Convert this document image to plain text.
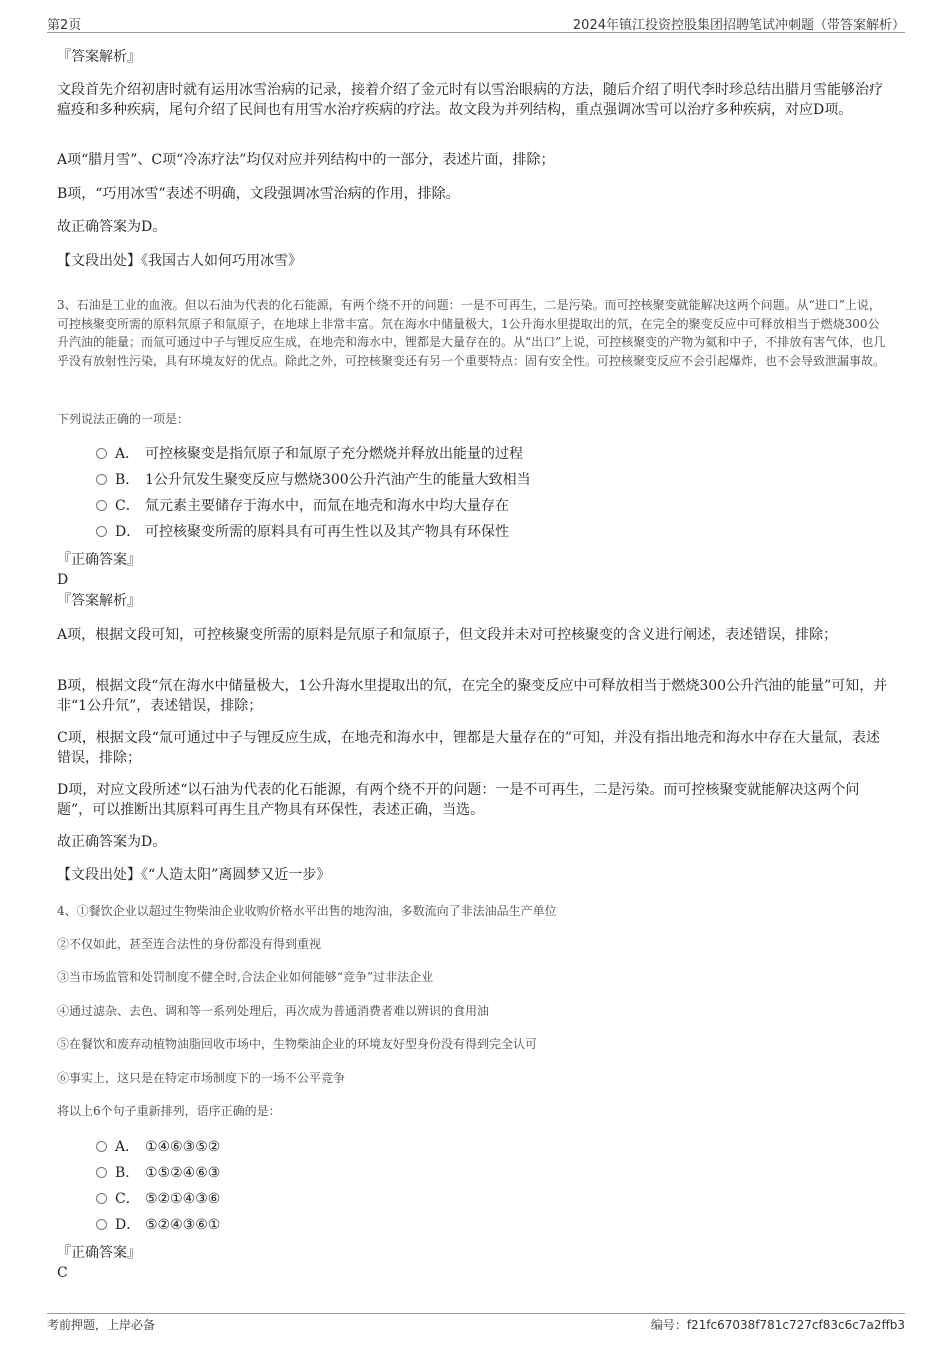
第2页	2024年镇江投资控股集团招聘笔试冲刺题（带答案解析）
『答案解析』
文段首先介绍初唐时就有运用冰雪治病的记录，接着介绍了金元时有以雪治眼病的方法，随后介绍了明代李时珍总结出腊月雪能够治疗瘟疫和多种疾病，尾句介绍了民间也有用雪水治疗疾病的疗法。故文段为并列结构，重点强调冰雪可以治疗多种疾病，对应D项。
A项“腊月雪”、C项“冷冻疗法”均仅对应并列结构中的一部分，表述片面，排除；
B项，“巧用冰雪”表述不明确，文段强调冰雪治病的作用，排除。
故正确答案为D。
【文段出处】《我国古人如何巧用冰雪》
3、石油是工业的血液。但以石油为代表的化石能源，有两个绕不开的问题：一是不可再生，二是污染。而可控核聚变就能解决这两个问题。从“进口”上说，可控核聚变所需的原料氘原子和氚原子，在地球上非常丰富。氘在海水中储量极大，1公升海水里提取出的氘，在完全的聚变反应中可释放相当于燃烧300公升汽油的能量；而氚可通过中子与锂反应生成，在地壳和海水中，锂都是大量存在的。从“出口”上说，可控核聚变的产物为氦和中子，不排放有害气体，也几乎没有放射性污染，具有环境友好的优点。除此之外，可控核聚变还有另一个重要特点：固有安全性。可控核聚变反应不会引起爆炸，也不会导致泄漏事故。
下列说法正确的一项是：
A． 可控核聚变是指氘原子和氚原子充分燃烧并释放出能量的过程
B． 1公升氘发生聚变反应与燃烧300公升汽油产生的能量大致相当
C． 氚元素主要储存于海水中，而氚在地壳和海水中均大量存在
D． 可控核聚变所需的原料具有可再生性以及其产物具有环保性
『正确答案』
D
『答案解析』
A项，根据文段可知，可控核聚变所需的原料是氘原子和氚原子，但文段并未对可控核聚变的含义进行阐述，表述错误，排除；
B项，根据文段“氘在海水中储量极大，1公升海水里提取出的氘，在完全的聚变反应中可释放相当于燃烧300公升汽油的能量”可知，并非“1公升氘”，表述错误，排除；
C项，根据文段“氚可通过中子与锂反应生成，在地壳和海水中，锂都是大量存在的”可知，并没有指出地壳和海水中存在大量氚，表述错误，排除；
D项，对应文段所述“以石油为代表的化石能源，有两个绕不开的问题：一是不可再生，二是污染。而可控核聚变就能解决这两个问题”，可以推断出其原料可再生且产物具有环保性，表述正确，当选。
故正确答案为D。
【文段出处】《“人造太阳”离圆梦又近一步》
4、①餐饮企业以超过生物柴油企业收购价格水平出售的地沟油，多数流向了非法油品生产单位
②不仅如此，甚至连合法性的身份都没有得到重视
③当市场监管和处罚制度不健全时,合法企业如何能够“竞争”过非法企业
④通过滤杂、去色、调和等一系列处理后，再次成为普通消费者难以辨识的食用油
⑤在餐饮和废弃动植物油脂回收市场中，生物柴油企业的环境友好型身份没有得到完全认可
⑥事实上，这只是在特定市场制度下的一场不公平竞争
将以上6个句子重新排列，语序正确的是：
A． ①④⑥③⑤②
B． ①⑤②④⑥③
C． ⑤②①④③⑥
D． ⑤②④③⑥①
『正确答案』
C
考前押题，上岸必备	编号：f21fc67038f781c727cf83c6c7a2ffb3
